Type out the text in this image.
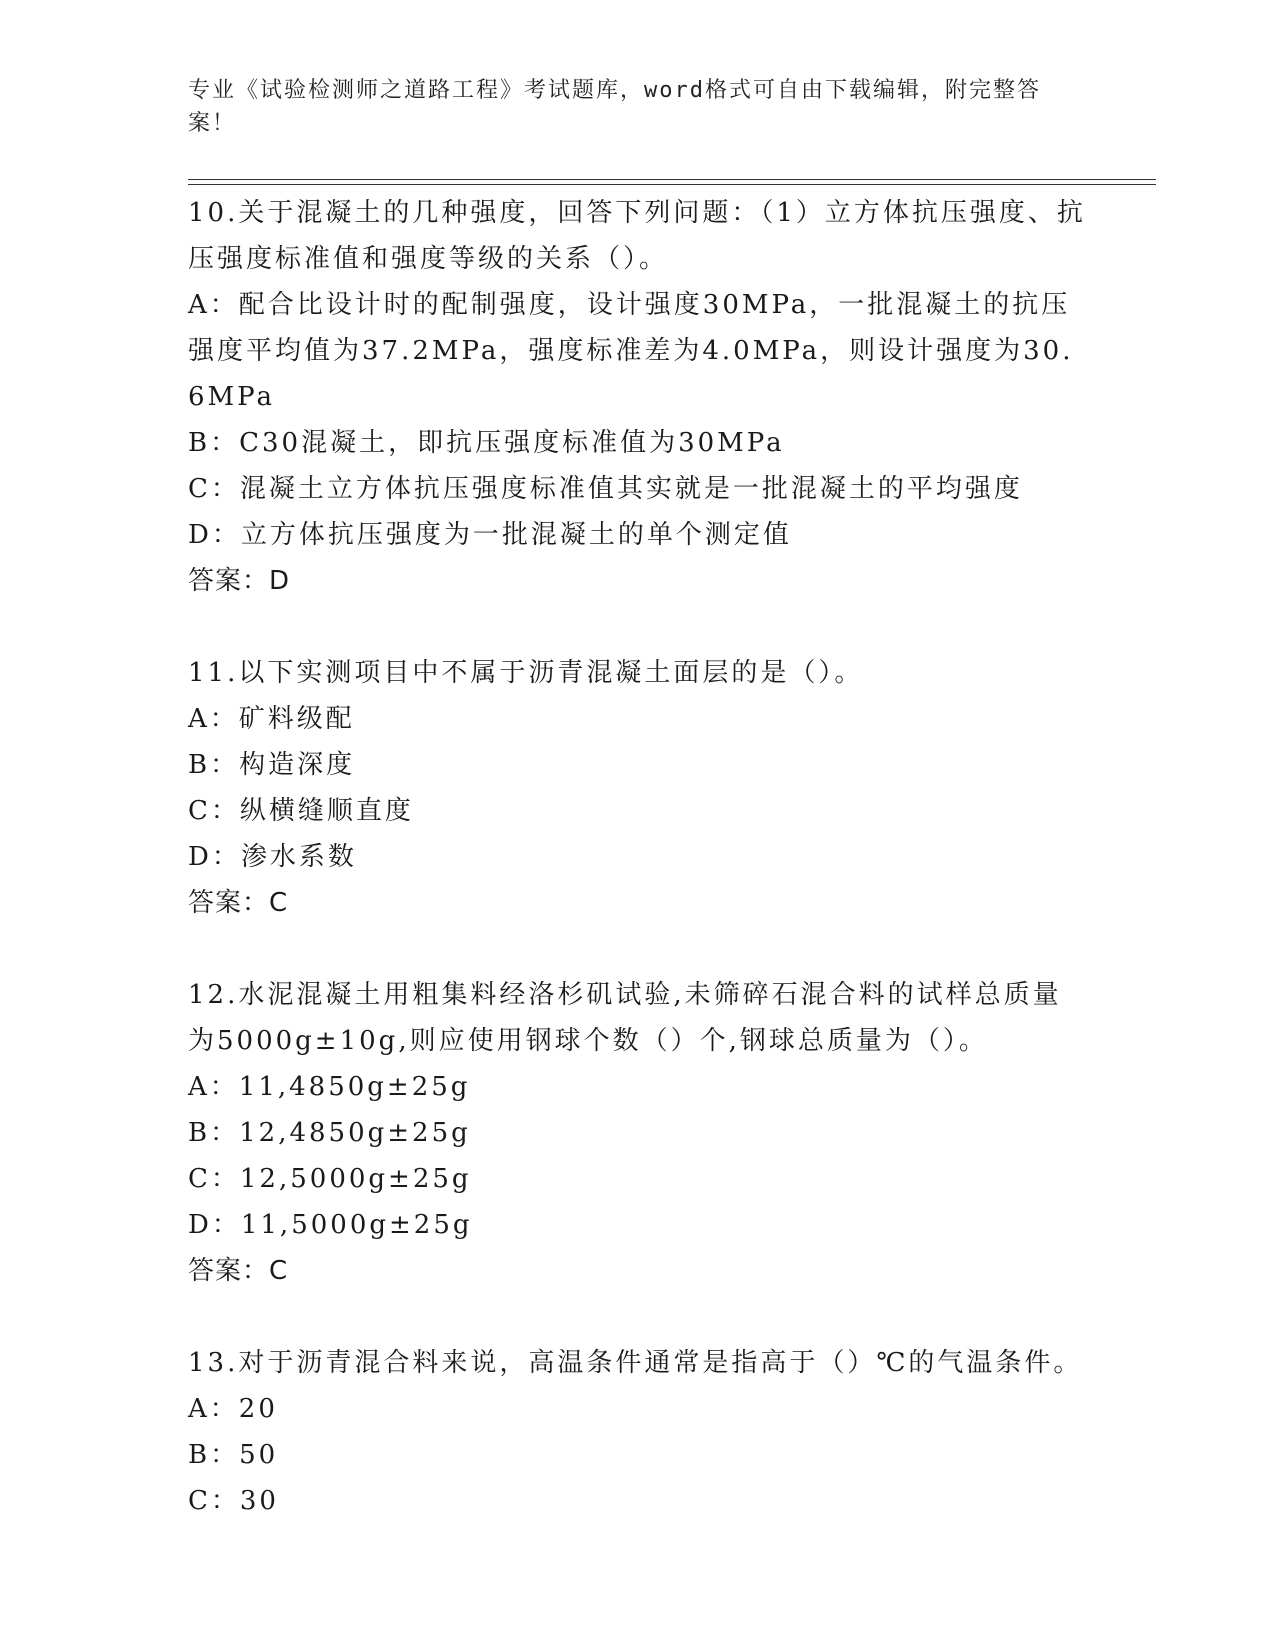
专业《试验检测师之道路工程》考试题库，word格式可自由下载编辑，附完整答案！
10.关于混凝土的几种强度，回答下列问题：（1）立方体抗压强度、抗压强度标准值和强度等级的关系（）。
A：配合比设计时的配制强度，设计强度30MPa，一批混凝土的抗压强度平均值为37.2MPa，强度标准差为4.0MPa，则设计强度为30.6MPa
B：C30混凝土，即抗压强度标准值为30MPa
C：混凝土立方体抗压强度标准值其实就是一批混凝土的平均强度
D：立方体抗压强度为一批混凝土的单个测定值
答案：D
11.以下实测项目中不属于沥青混凝土面层的是（）。
A：矿料级配
B：构造深度
C：纵横缝顺直度
D：渗水系数
答案：C
12.水泥混凝土用粗集料经洛杉矶试验,未筛碎石混合料的试样总质量为5000g±10g,则应使用钢球个数（）个,钢球总质量为（）。
A：11,4850g±25g
B：12,4850g±25g
C：12,5000g±25g
D：11,5000g±25g
答案：C
13.对于沥青混合料来说，高温条件通常是指高于（）℃的气温条件。
A：20
B：50
C：30
